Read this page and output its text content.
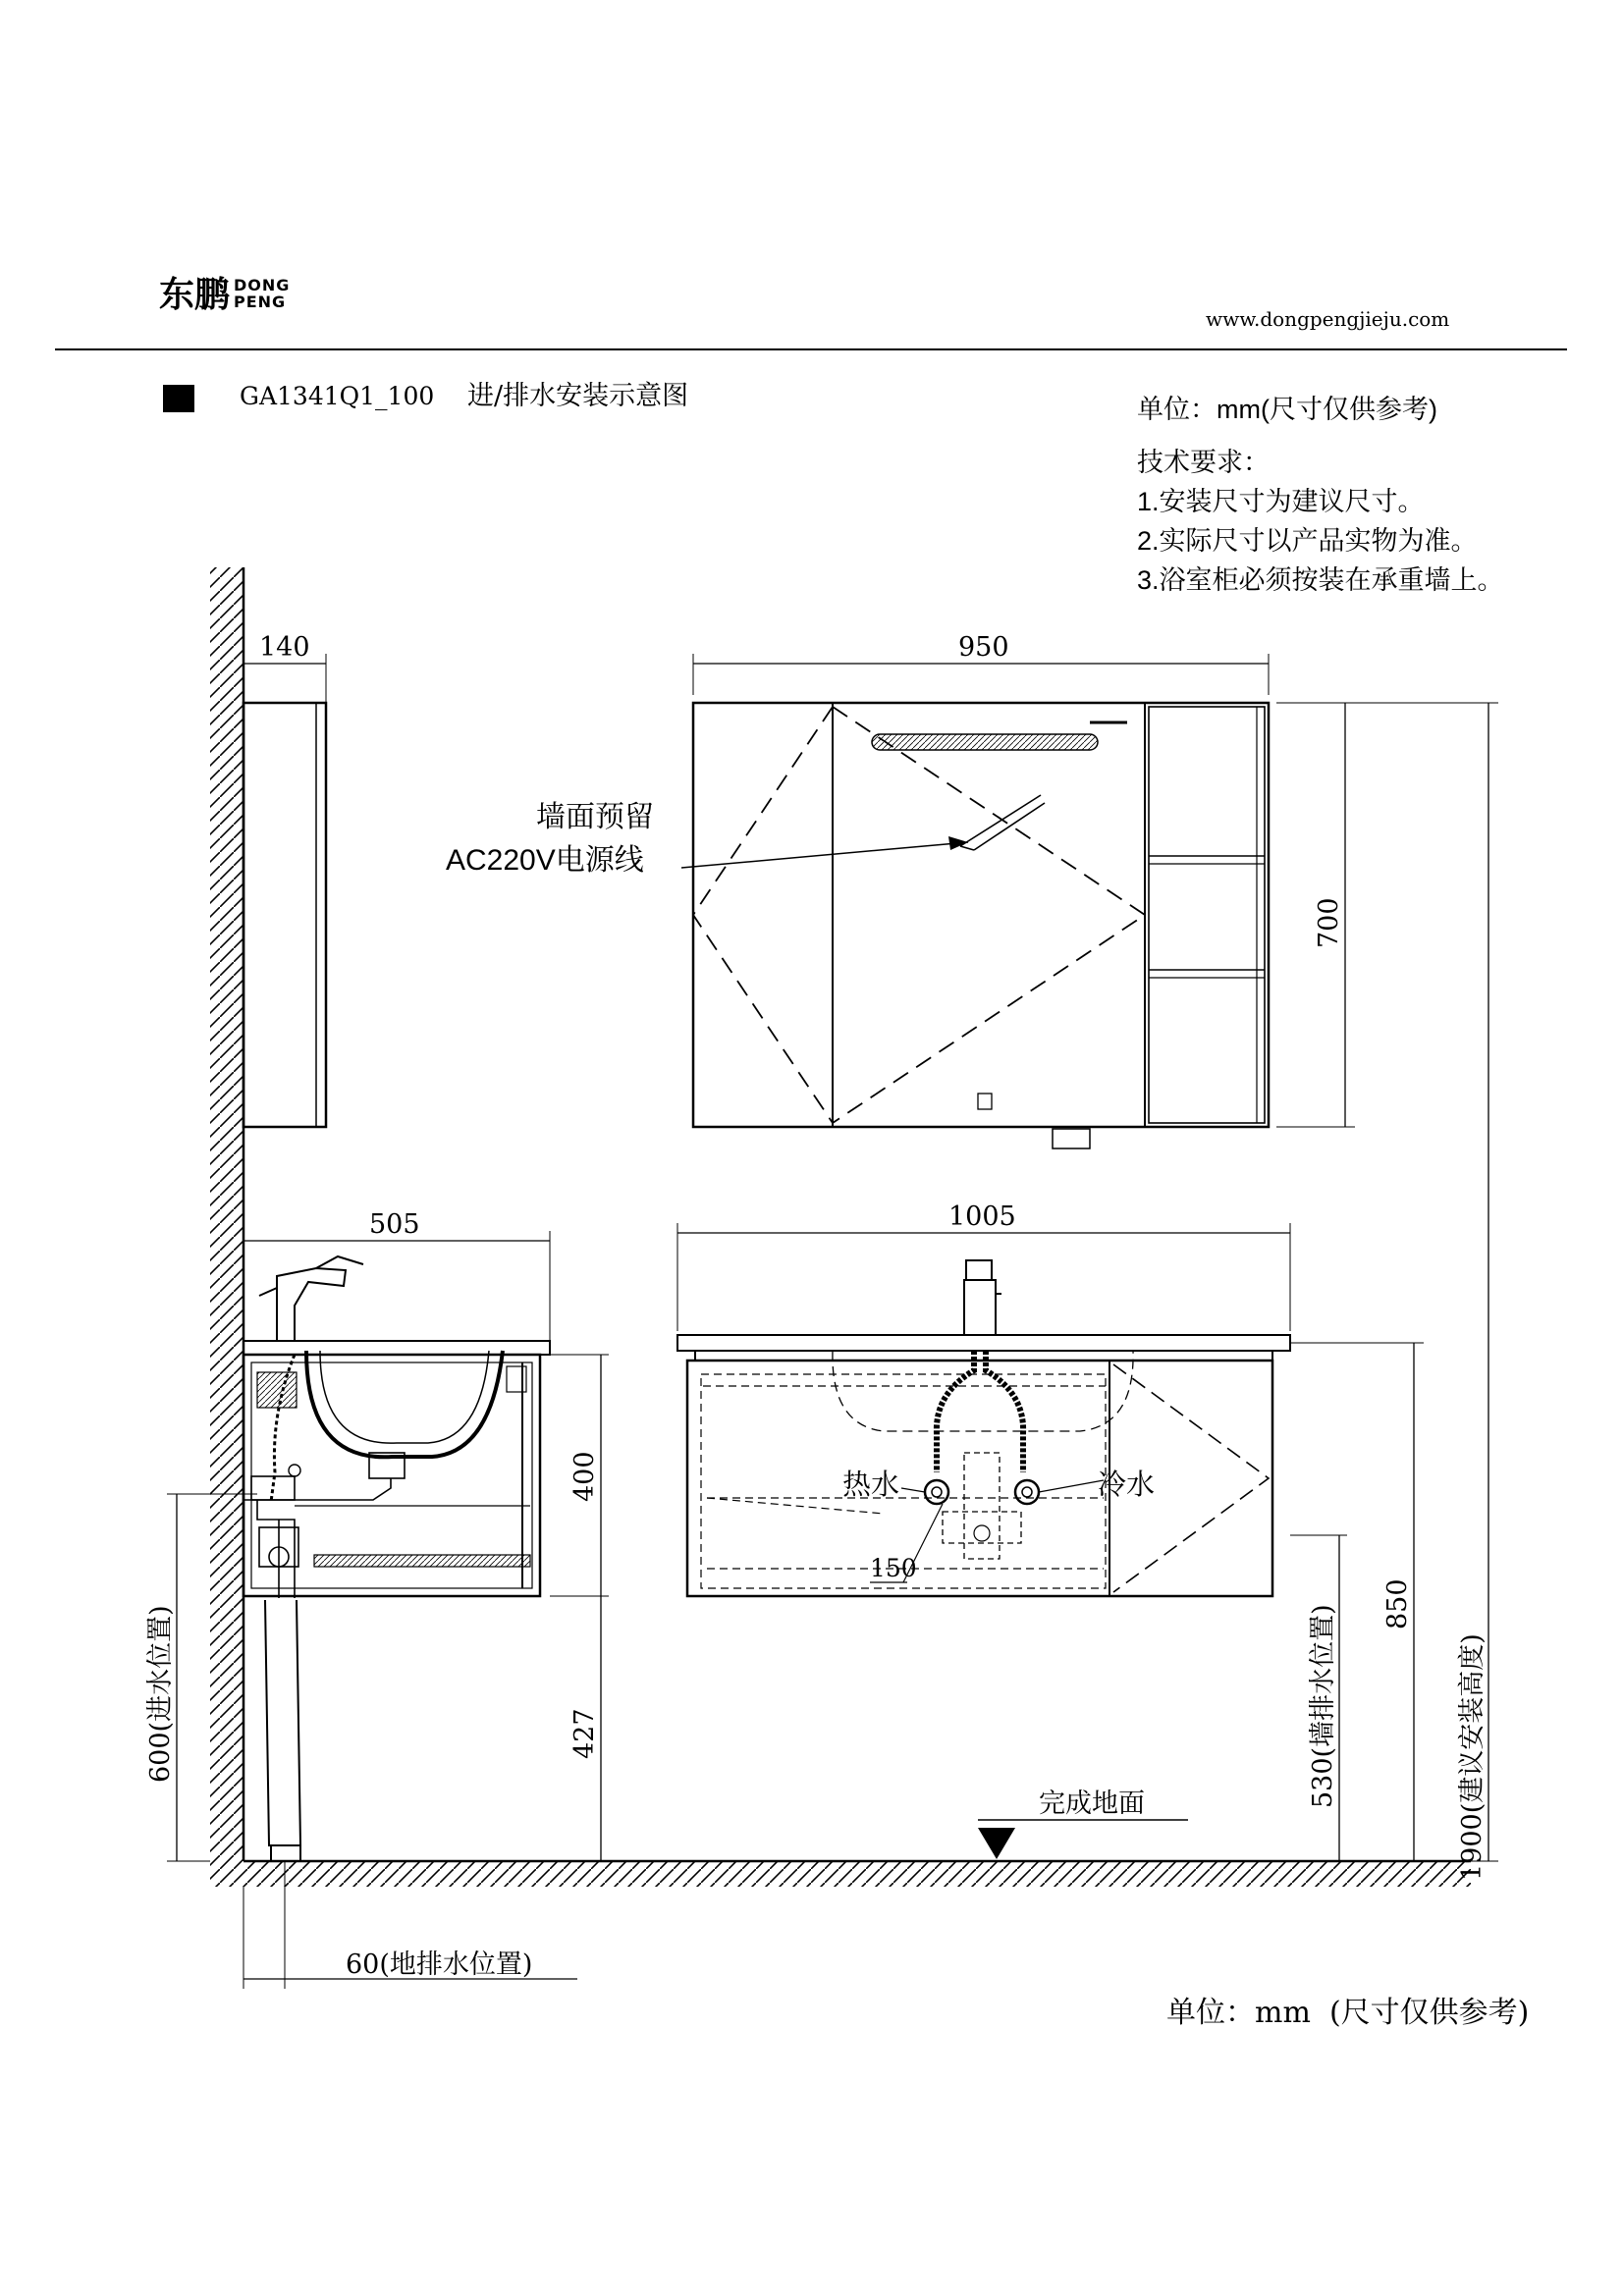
东鹏 DONG
PENG
www.dongpengjieju.com
GA1341Q1_100 进/排水安装示意图	单位：mm(尺寸仅供参考)
技术要求：
1.安装尺寸为建议尺寸。
2.实际尺寸以产品实物为准。
3.浴室柜必须按装在承重墙上。
完成地面
140	950
700
墙面预留
AC220V电源线
505
400
427
600(进水位置)
60(地排水位置)
1005
150
热水	冷水
530(墙排水位置)
850
1900(建议安装高度)
单位：mm  (尺寸仅供参考)
